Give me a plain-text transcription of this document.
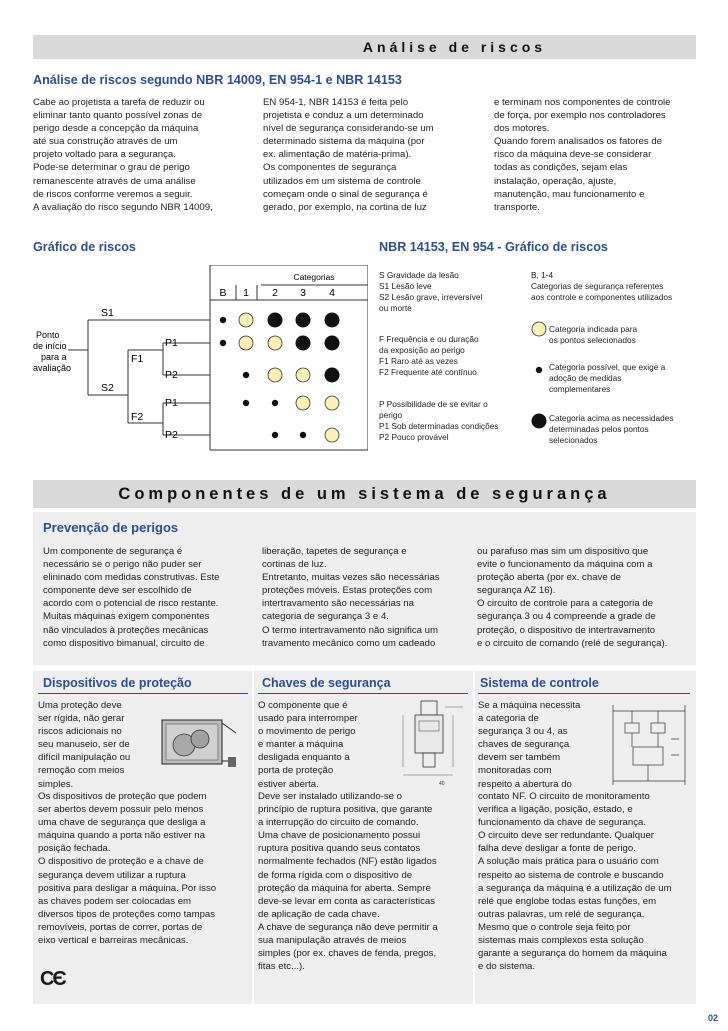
Análise de riscos
Análise de riscos segundo NBR 14009, EN 954-1 e NBR 14153
Cabe ao projetista a tarefa de reduzir ou
eliminar tanto quanto possível zonas de
perigo desde a concepção da máquina
até sua construção através de um
projeto voltado para a segurança.
Pode-se determinar o grau de perigo
remanescente através de uma análise
de riscos conforme veremos a seguir.
A avaliação do risco segundo NBR 14009,
EN 954-1, NBR 14153 é feita pelo
projetista e conduz a um determinado
nível de segurança considerando-se um
determinado sistema da máquina (por
ex. alimentação de matéria-prima).
Os componentes de segurança
utilizados em um sistema de controle
começam onde o sinal de segurança é
gerado, por exemplo, na cortina de luz
e terminam nos componentes de controle
de força, por exemplo nos controladores
dos motores.
Quando forem analisados os fatores de
risco da máquina deve-se considerar
todas as condições, sejam elas
instalação, operação, ajuste,
manutenção, mau funcionamento e
transporte.
Gráfico de riscos	NBR 14153, EN 954 - Gráfico de riscos
Categorias
B 1 2 3 4
Ponto
de início
para a
avaliação
S1
S2
F1
F2
P1
P2
P1
P2
S Gravidade da lesão
S1 Lesão leve
S2 Lesão grave, irreversível
ou morte
F Frequência e ou duração
da exposição ao perigo
F1 Raro até as vezes
F2 Frequente até contínuo
P Possibilidade de se evitar o
perigo
P1 Sob determinadas condições
P2 Pouco provável
B, 1-4
Categorias de segurança referentes
aos controle e componentes utilizados
Categoria indicada para
os pontos selecionados
Categoria possível, que exige a
adoção de medidas
complementares
Categoria acima as necessidades
determinadas pelos pontos
selecionados
Componentes de um sistema de segurança
Prevenção de perigos
Um componente de segurança é
necessário se o perigo não puder ser
elininado com medidas construtivas. Este
componente deve ser escolhido de
acordo com o potencial de risco restante.
Muitas máquinas exigem componentes
não vinculados à proteções mecânicas
como dispositivo bimanual, circuito de
liberação, tapetes de segurança e
cortinas de luz.
Entretanto, muitas vezes são necessárias
proteções móveis. Estas proteções com
intertravamento são necessárias na
categoria de segurança 3 e 4.
O termo intertravamento não significa um
travamento mecânico como um cadeado
ou parafuso mas sim um dispositivo que
evite o funcionamento da máquina com a
proteção aberta (por ex. chave de
segurança AZ 16).
O circuito de controle para a categoria de
segurança 3 ou 4 compreende a grade de
proteção, o dispositivo de intertravamento
e o circuito de comando (relé de segurança).
Dispositivos de proteção
Uma proteção deve
ser rígida, não gerar
riscos adicionais no
seu manuseio, ser de
difícil manipulação ou
remoção com meios
simples.
Os dispositivos de proteção que podem
ser abertos devem possuir pelo menos
uma chave de segurança que desliga a
máquina quando a porta não estiver na
posição fechada.
O dispositivo de proteção e a chave de
segurança devem utilizar a ruptura
positiva para desligar a máquina. Por isso
as chaves podem ser colocadas em
diversos tipos de proteções como tampas
removíveis, portas de correr, portas de
eixo vertical e barreiras mecânicas.
CЄ
Chaves de segurança
O componente que é
usado para interromper
o movimento de perigo
e manter a máquina
desligada enquanto a
porta de proteção
estiver aberta.	40
Deve ser instalado utilizando-se o
princípio de ruptura positiva, que garante
a interrupção do circuito de comando.
Uma chave de posicionamento possui
ruptura positiva quando seus contatos
normalmente fechados (NF) estão ligados
de forma rígida com o dispositivo de
proteção da máquina for aberta. Sempre
deve-se levar em conta as características
de aplicação de cada chave.
A chave de segurança não deve permitir a
sua manipulação através de meios
simples (por ex. chaves de fenda, pregos,
fitas etc...).
Sistema de controle
Se a máquina necessita
a categoria de
segurança 3 ou 4, as
chaves de segurança
devem ser também
monitoradas com
respeito a abertura do
contato NF. O circuito de monitoramento
verifica a ligação, posição, estado, e
funcionamento da chave de segurança.
O circuito deve ser redundante. Qualquer
falha deve desligar a fonte de perigo.
A solução mais prática para o usuário com
respeito ao sistema de controle e buscando
a segurança da máquina é a utilização de um
relé que englobe todas estas funções, em
outras palavras, um relé de segurança.
Mesmo que o controle seja feito por
sistemas mais complexos esta solução
garante a segurança do homem da máquina
e do sistema.
02
